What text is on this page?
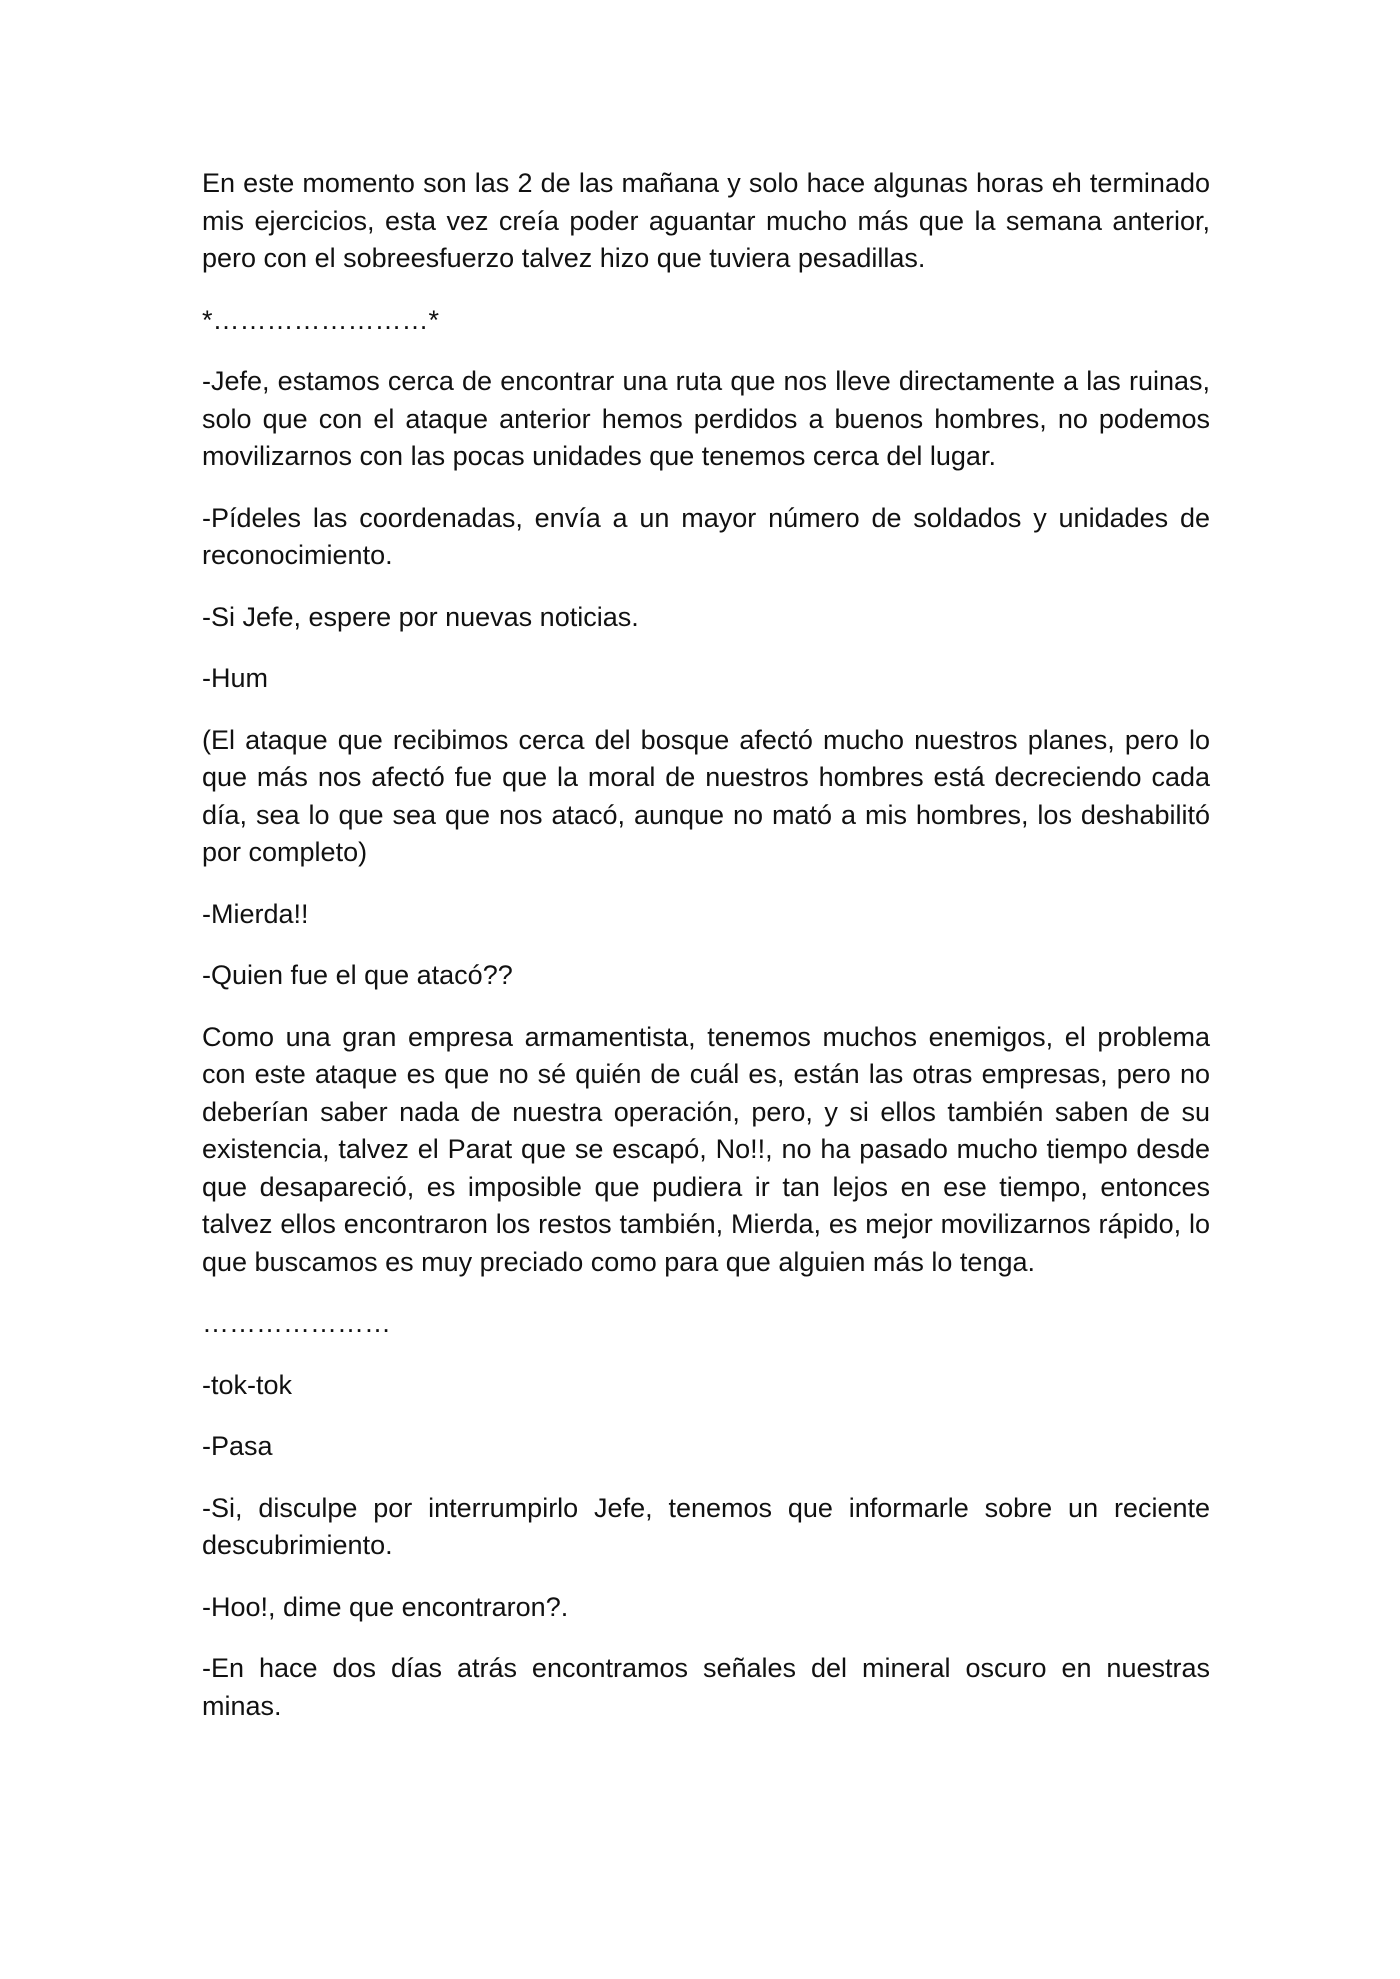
En este momento son las 2 de las mañana y solo hace algunas horas eh terminado mis ejercicios, esta vez creía poder aguantar mucho más que la semana anterior, pero con el sobreesfuerzo talvez hizo que tuviera pesadillas.

*……………………*

-Jefe, estamos cerca de encontrar una ruta que nos lleve directamente a las ruinas, solo que con el ataque anterior hemos perdidos a buenos hombres, no podemos movilizarnos con las pocas unidades que tenemos cerca del lugar.

-Pídeles las coordenadas, envía a un mayor número de soldados y unidades de reconocimiento.

-Si Jefe, espere por nuevas noticias.

-Hum

(El ataque que recibimos cerca del bosque afectó mucho nuestros planes, pero lo que más nos afectó fue que la moral de nuestros hombres está decreciendo cada día, sea lo que sea que nos atacó, aunque no mató a mis hombres, los deshabilitó por completo)

-Mierda!!

-Quien fue el que atacó??

Como una gran empresa armamentista, tenemos muchos enemigos, el problema con este ataque es que no sé quién de cuál es, están las otras empresas, pero no deberían saber nada de nuestra operación, pero, y si ellos también saben de su existencia, talvez el Parat que se escapó, No!!, no ha pasado mucho tiempo desde que desapareció, es imposible que pudiera ir tan lejos en ese tiempo, entonces talvez ellos encontraron los restos también, Mierda, es mejor movilizarnos rápido, lo que buscamos es muy preciado como para que alguien más lo tenga.

…………………

-tok-tok

-Pasa

-Si, disculpe por interrumpirlo Jefe, tenemos que informarle sobre un reciente descubrimiento.

-Hoo!, dime que encontraron?.

-En hace dos días atrás encontramos señales del mineral oscuro en nuestras minas.
